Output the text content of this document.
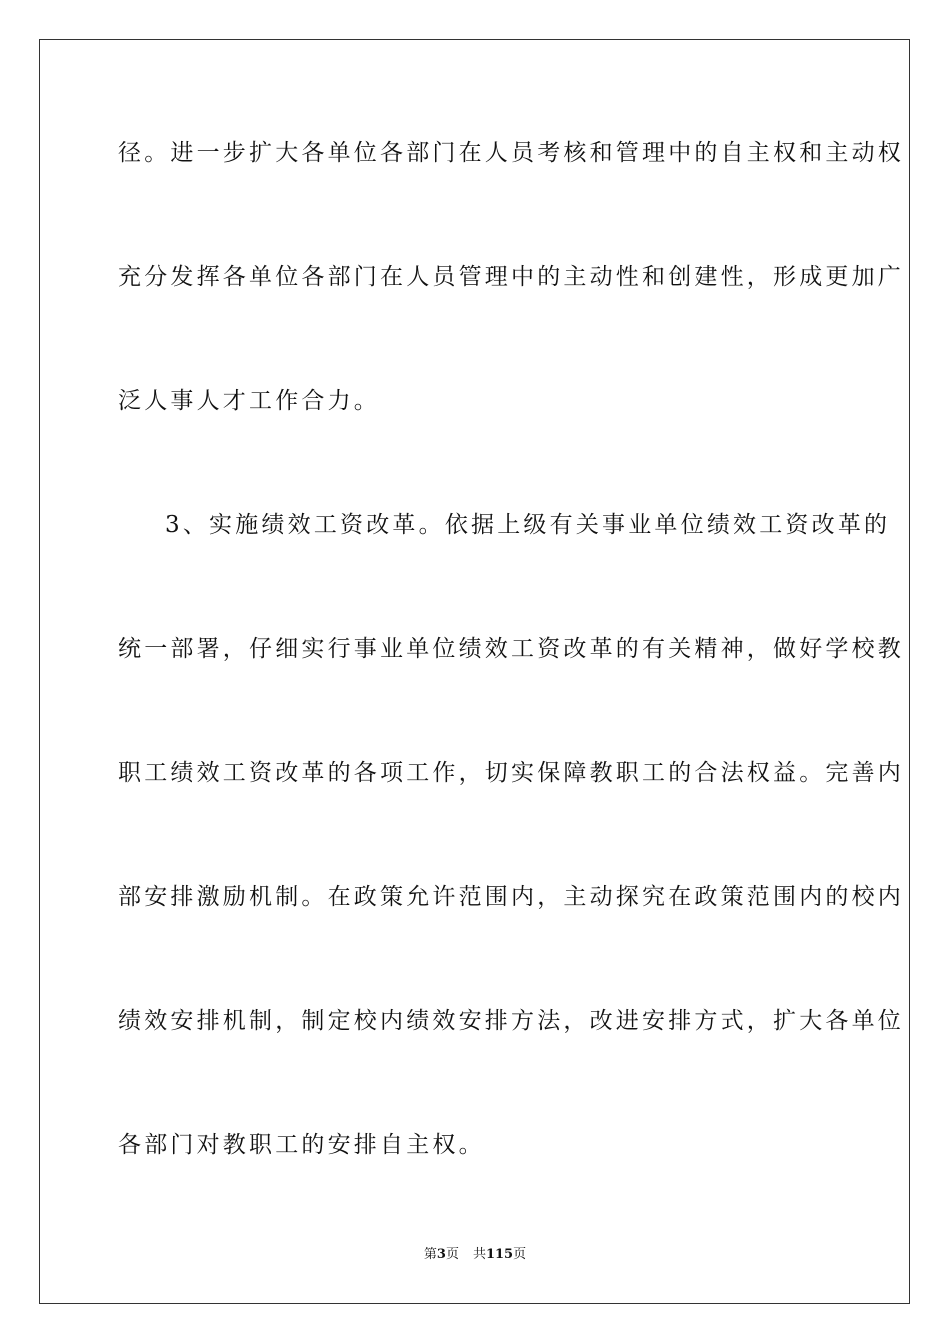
径。进一步扩大各单位各部门在人员考核和管理中的自主权和主动权
充分发挥各单位各部门在人员管理中的主动性和创建性，形成更加广
泛人事人才工作合力。
3、实施绩效工资改革。依据上级有关事业单位绩效工资改革的
统一部署，仔细实行事业单位绩效工资改革的有关精神，做好学校教
职工绩效工资改革的各项工作，切实保障教职工的合法权益。完善内
部安排激励机制。在政策允许范围内，主动探究在政策范围内的校内
绩效安排机制，制定校内绩效安排方法，改进安排方式，扩大各单位
各部门对教职工的安排自主权。
第3页 共115页
